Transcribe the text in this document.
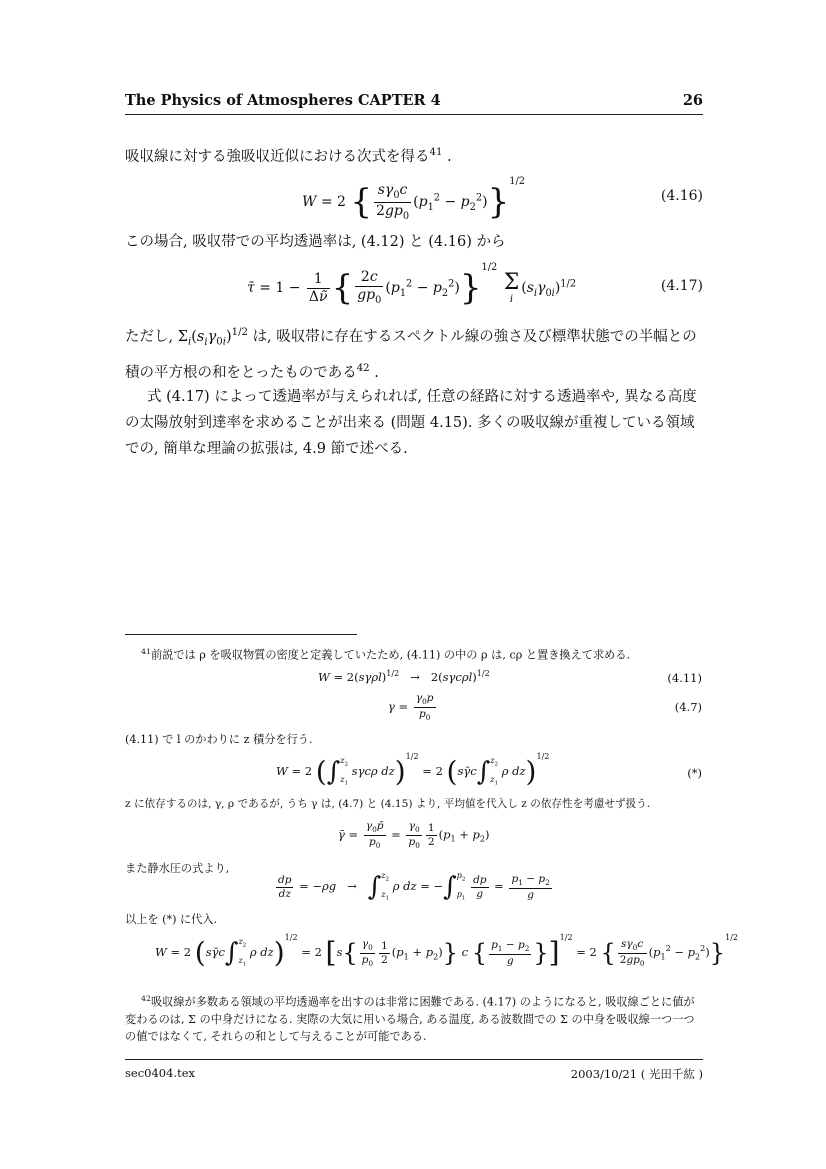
The Physics of Atmospheres CAPTER 4	26
吸収線に対する強吸収近似における次式を得る$^{41}$ .
W = 2 { $\frac{s\gamma_0c}{2gp_0} (p_1^2 - p_2^2)\}^{1/2}$
(4.16)
この場合, 吸収帯での平均透過率は, (4.12) と (4.16) から
τ̄ = $1 - \frac{1}{\Delta\nũ}$ { $\frac{2c}{gp_0} (p_1^2 - p_2^2)\}^{1/2}$
Σ
i
$(s_i\gamma_{0i})^{1/2}$	(4.17)
ただし, $\Sigma_i(s_i\gamma_{0i})^{1/2}$ は, 吸収帯に存在するスペクトル線の強さ及び標準状態での半幅との積の平方根の和をとったものである$^{42}$ .
式 (4.17) によって透過率が与えられれば, 任意の経路に対する透過率や, 異なる高度の太陽放射到達率を求めることが出来る (問題 4.15). 多くの吸収線が重複している領域での, 簡単な理論の拡張は, 4.9 節で述べる.
$^{41}$前説では ρ を吸収物質の密度と定義していたため, (4.11) の中の ρ は, cρ と置き換えて求める.
$W = 2(s\gamma\rho l)^{1/2} \to 2(s\gamma c\rho l)^{1/2}$	(4.11)
$\gamma = \frac{\gamma_0p}{p_0}$	(4.7)
(4.11) で l のかわりに z 積分を行う.
W = 2 ($\int z_2$

$z_1$ sγcρ dz)$^{1/2}$ = 2 ($s\gammāc\int z_2$

$z_1$ ρ dz)$^{1/2}$
(*)
z に依存するのは, γ, ρ であるが, うち γ は, (4.7) と (4.15) より, 平均値を代入し z の依存性を考慮せず扱う.
γ̄ = $\frac{\gamma_0p̄}{p_0} = \frac{\gamma_0}{p_0} \frac{1}{2} (p_1 + p_2)$
また静水圧の式より,
$\frac{dp}{dz} = -\rho g \to \int z_2$

$z_1$ ρ dz = $-\int p_2$

$p_1 \frac{dp}{g} = \frac{p_1 - p_2}{g}$
以上を (*) に代入.
W = 2 ($s\gammāc\int z_2$

$z_1$ ρ dz)$^{1/2}$ = 2 [$s\{ \frac{\gamma_0}{p_0} \frac{1}{2} (p_1 + p_2)\}$ c { $\frac{p_1 - p_2}{g} \}]^{1/2} = 2$ { $\frac{s\gamma_0c}{2gp_0} (p_1^2 - p_2^2)\}^{1/2}$
$^{42}$吸収線が多数ある領域の平均透過率を出すのは非常に困難である. (4.17) のようになると, 吸収線ごとに値が変わるのは, Σ の中身だけになる. 実際の大気に用いる場合, ある温度, ある波数間での Σ の中身を吸収線一つ一つの値ではなくて, それらの和として与えることが可能である.
sec0404.tex	2003/10/21 ( 光田千紘 )
